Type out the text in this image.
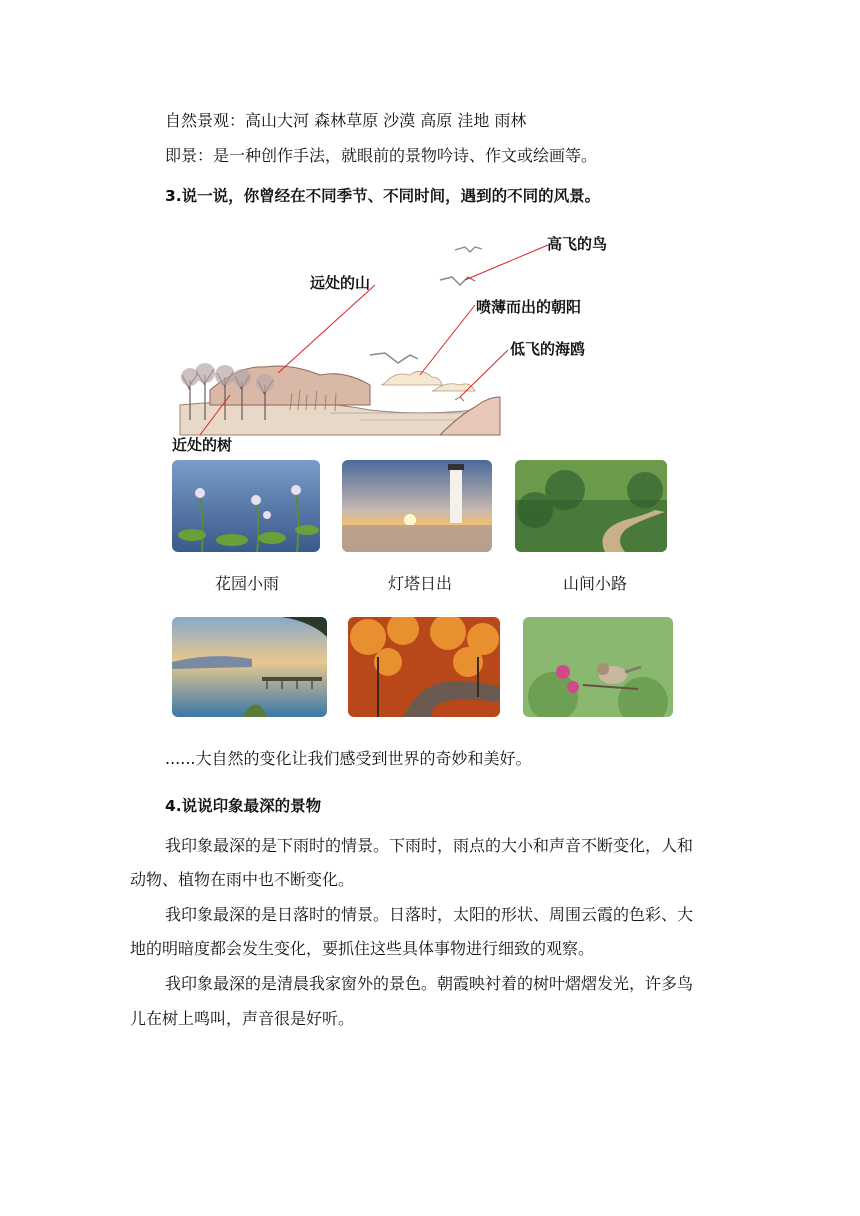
自然景观：高山大河 森林草原 沙漠 高原 洼地 雨林
即景：是一种创作手法，就眼前的景物吟诗、作文或绘画等。
3.说一说，你曾经在不同季节、不同时间，遇到的不同的风景。
高飞的鸟
远处的山
喷薄而出的朝阳
低飞的海鸥
近处的树
花园小雨	灯塔日出	山间小路
......大自然的变化让我们感受到世界的奇妙和美好。
4.说说印象最深的景物
我印象最深的是下雨时的情景。下雨时，雨点的大小和声音不断变化，人和
动物、植物在雨中也不断变化。
我印象最深的是日落时的情景。日落时，太阳的形状、周围云霞的色彩、大
地的明暗度都会发生变化，要抓住这些具体事物进行细致的观察。
我印象最深的是清晨我家窗外的景色。朝霞映衬着的树叶熠熠发光，许多鸟
儿在树上鸣叫，声音很是好听。
